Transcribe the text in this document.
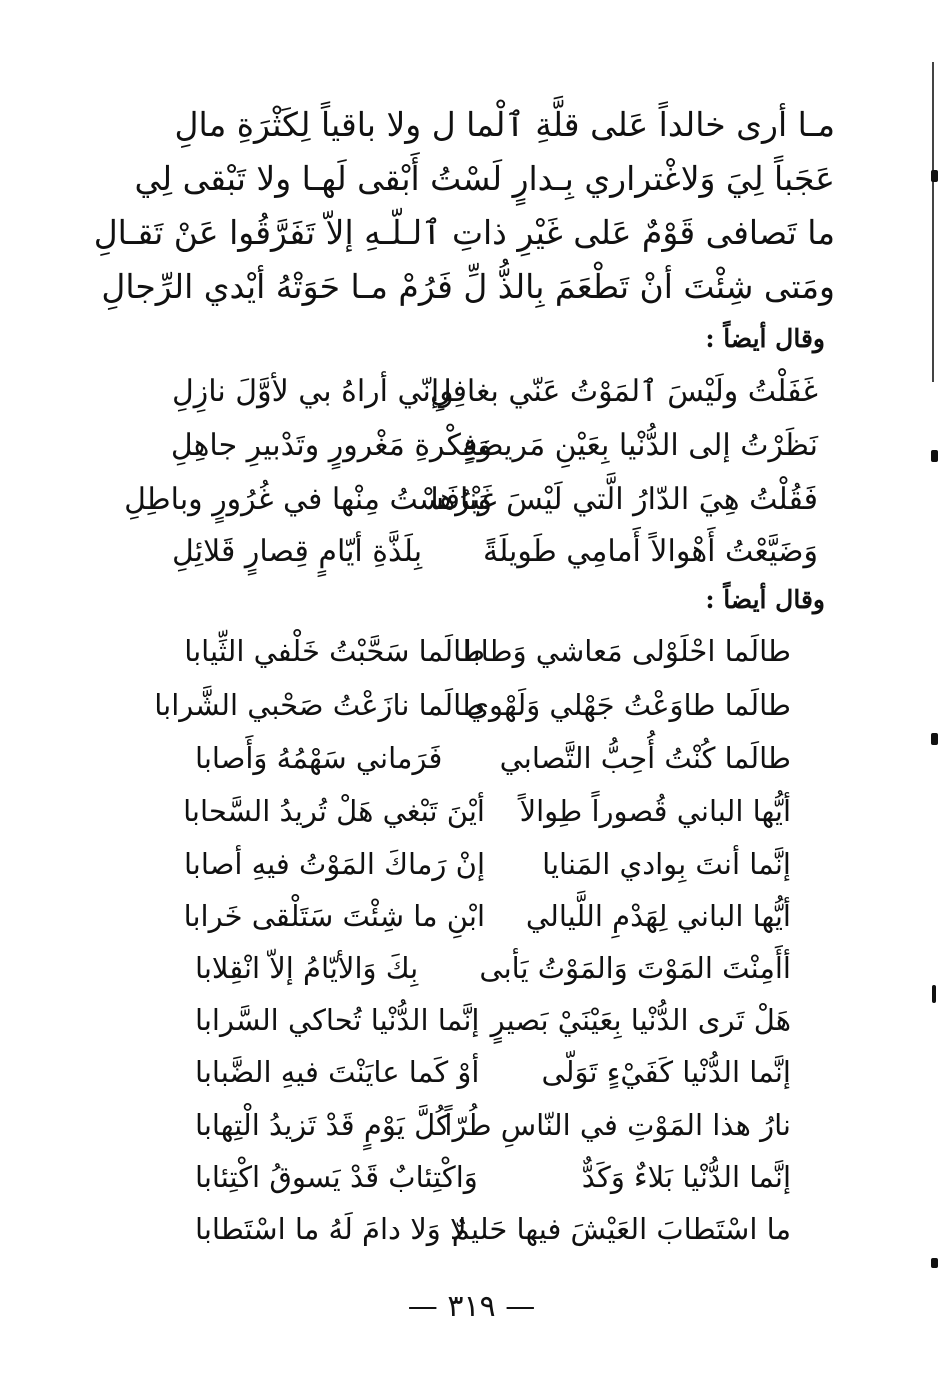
مـا أرى خالداً عَلى قلَّةِ ٱلْما ل ولا باقياً لِكَثْرَةِ مالِ
عَجَباً لِيَ وَلاغْتراري بِـدارٍ لَسْتُ أَبْقى لَهـا ولا تَبْقى لِي
ما تَصافى قَوْمٌ عَلى غَيْرِ ذاتِ ٱلـلّـهِ إلاّ تَفَرَّقُوا عَنْ تَقـالِ
ومَتى شِئْتَ أنْ تَطْعَمَ بِالذُّ لِّ فَرُمْ مـا حَوَتْهُ أيْدي الرِّجالِ
وقال أيضاً :
غَفَلْتُ ولَيْسَ ٱلمَوْتُ عَنّي بغافِلِ
وإنّي أراهُ بي لأوَّلَ نازِلِ
نَظَرْتُ إلى الدُّنْيا بِعَيْنِ مَريضةٍ
وَفِكْرةِ مَغْرورٍ وتَدْبيرِ جاهِلِ
فَقُلْتُ هِيَ الدّارُ الَّتي لَيْسَ غَيْرُها
وَنافَسْتُ مِنْها في غُرُورٍ وباطِلِ
وَضَيَّعْتُ أَهْوالاً أَمامِي طَويلَةً
بِلَذَّةِ أيّامٍ قِصارٍ قَلائِلِ
وقال أيضاً :
طالَما احْلَوْلى مَعاشي وَطابا
طالَما سَحَّبْتُ خَلْفي الثِّيابا
طالَما طاوَعْتُ جَهْلي وَلَهْوي
طالَما نازَعْتُ صَحْبي الشَّرابا
طالَما كُنْتُ أُحِبُّ التَّصابي
فَرَماني سَهْمُهُ وَأَصابا
أيُّها الباني قُصوراً طِوالاً
أيْنَ تَبْغي هَلْ تُريدُ السَّحابا
إنَّما أنتَ بِوادي المَنايا
إنْ رَماكَ المَوْتُ فيهِ أصابا
أيُّها الباني لِهَدْمِ اللَّيالي
ابْنِ ما شِئْتَ سَتَلْقى خَرابا
أأَمِنْتَ المَوْتَ وَالمَوْتُ يَأبى
بِكَ وَالأيّامُ إلاّ انْقِلابا
هَلْ تَرى الدُّنْيا بِعَيْنَيْ بَصيرٍ
إنَّما الدُّنْيا تُحاكي السَّرابا
إنَّما الدُّنْيا كَفَيْءٍ تَوَلّى
أوْ كَما عايَنْتَ فيهِ الضَّبابا
نارُ هذا المَوْتِ في النّاسِ طُرّاً
كُلَّ يَوْمٍ قَدْ تَزيدُ الْتِهابا
إنَّما الدُّنْيا بَلاءٌ وَكَدٌّ
وَاكْتِئابٌ قَدْ يَسوقُ اكْتِئابا
ما اسْتَطابَ العَيْشَ فيها حَليمٌ
لا وَلا دامَ لَهُ ما اسْتَطابا
— ٣١٩ —
